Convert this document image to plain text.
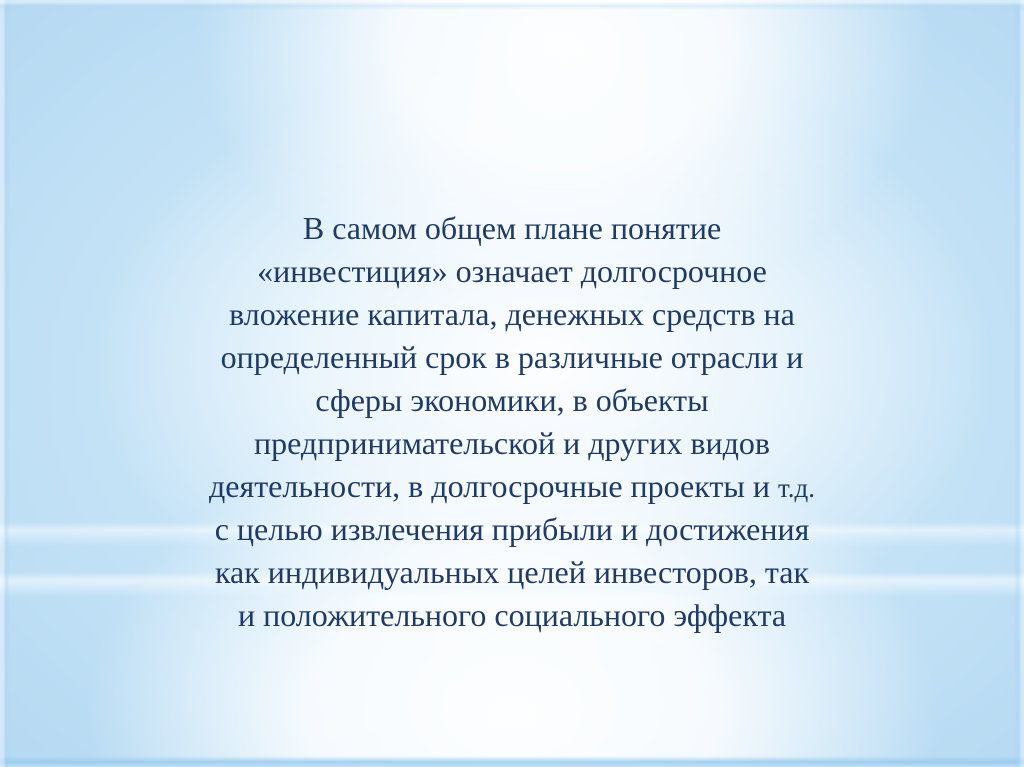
В самом общем плане понятие
«инвестиция» означает долгосрочное
вложение капитала, денежных средств на
определенный срок в различные отрасли и
сферы экономики, в объекты
предпринимательской и других видов
деятельности, в долгосрочные проекты и т.д.
с целью извлечения прибыли и достижения
как индивидуальных целей инвесторов, так
и положительного социального эффекта
